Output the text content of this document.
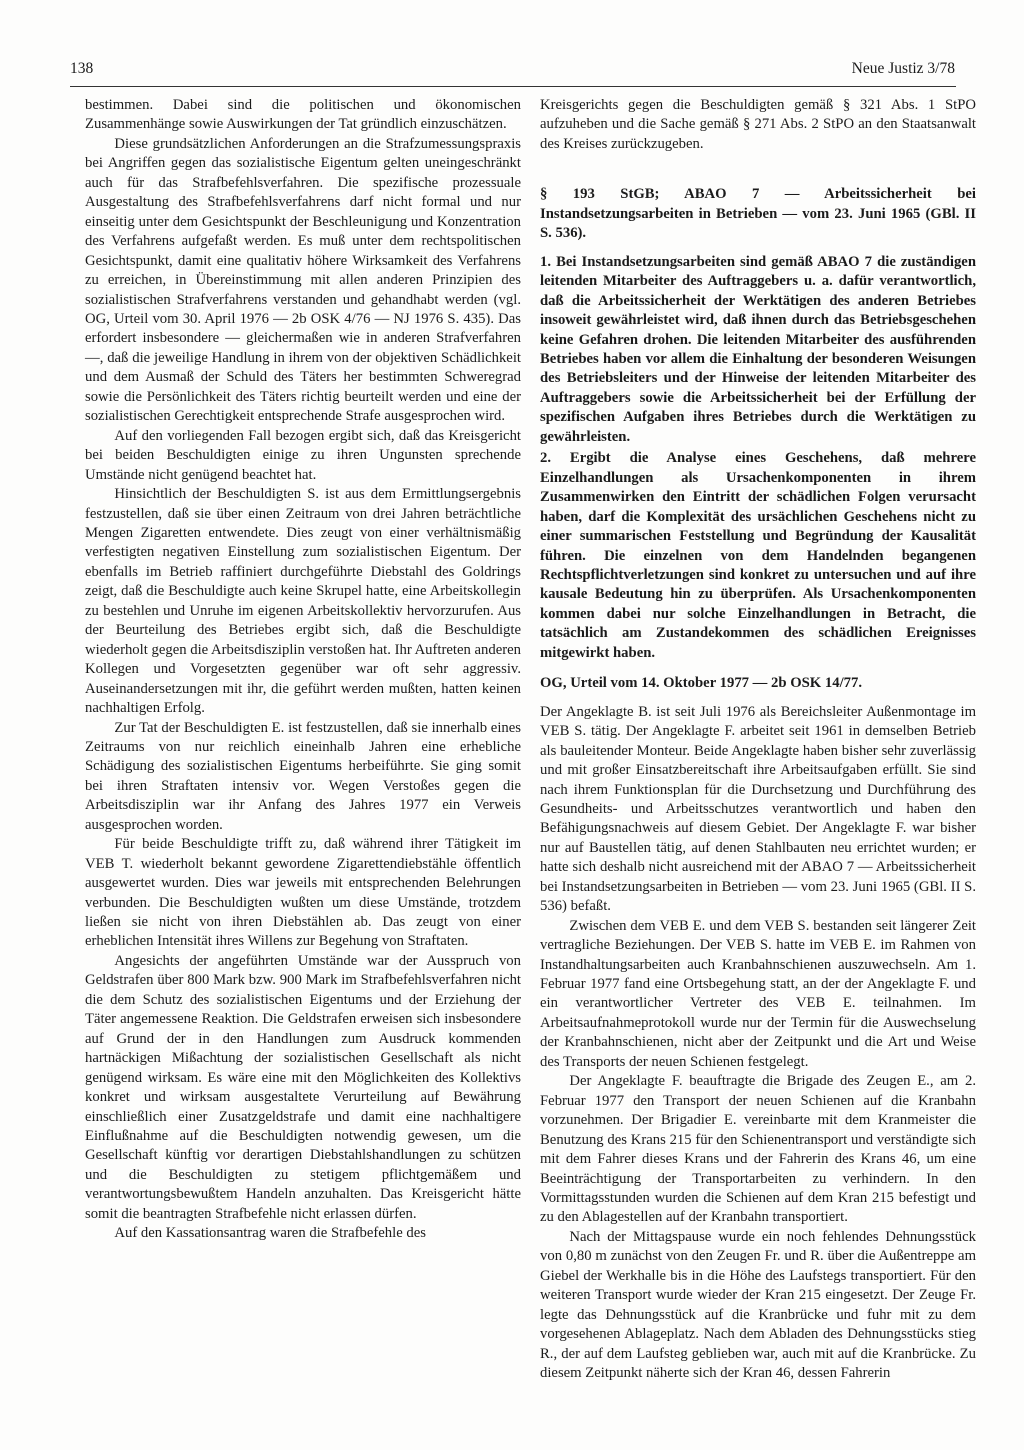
138	Neue Justiz 3/78

bestimmen. Dabei sind die politischen und ökonomischen Zusammenhänge sowie Auswirkungen der Tat gründlich einzuschätzen.

Diese grundsätzlichen Anforderungen an die Strafzumessungspraxis bei Angriffen gegen das sozialistische Eigentum gelten uneingeschränkt auch für das Strafbefehlsverfahren. Die spezifische prozessuale Ausgestaltung des Strafbefehlsverfahrens darf nicht formal und nur einseitig unter dem Gesichtspunkt der Beschleunigung und Konzentration des Verfahrens aufgefaßt werden. Es muß unter dem rechtspolitischen Gesichtspunkt, damit eine qualitativ höhere Wirksamkeit des Verfahrens zu erreichen, in Übereinstimmung mit allen anderen Prinzipien des sozialistischen Strafverfahrens verstanden und gehandhabt werden (vgl. OG, Urteil vom 30. April 1976 — 2b OSK 4/76 — NJ 1976 S. 435). Das erfordert insbesondere — gleichermaßen wie in anderen Strafverfahren —, daß die jeweilige Handlung in ihrem von der objektiven Schädlichkeit und dem Ausmaß der Schuld des Täters her bestimmten Schweregrad sowie die Persönlichkeit des Täters richtig beurteilt werden und eine der sozialistischen Gerechtigkeit entsprechende Strafe ausgesprochen wird.

Auf den vorliegenden Fall bezogen ergibt sich, daß das Kreisgericht bei beiden Beschuldigten einige zu ihren Ungunsten sprechende Umstände nicht genügend beachtet hat.

Hinsichtlich der Beschuldigten S. ist aus dem Ermittlungsergebnis festzustellen, daß sie über einen Zeitraum von drei Jahren beträchtliche Mengen Zigaretten entwendete. Dies zeugt von einer verhältnismäßig verfestigten negativen Einstellung zum sozialistischen Eigentum. Der ebenfalls im Betrieb raffiniert durchgeführte Diebstahl des Goldrings zeigt, daß die Beschuldigte auch keine Skrupel hatte, eine Arbeitskollegin zu bestehlen und Unruhe im eigenen Arbeitskollektiv hervorzurufen. Aus der Beurteilung des Betriebes ergibt sich, daß die Beschuldigte wiederholt gegen die Arbeitsdisziplin verstoßen hat. Ihr Auftreten anderen Kollegen und Vorgesetzten gegenüber war oft sehr aggressiv. Auseinandersetzungen mit ihr, die geführt werden mußten, hatten keinen nachhaltigen Erfolg.

Zur Tat der Beschuldigten E. ist festzustellen, daß sie innerhalb eines Zeitraums von nur reichlich eineinhalb Jahren eine erhebliche Schädigung des sozialistischen Eigentums herbeiführte. Sie ging somit bei ihren Straftaten intensiv vor. Wegen Verstoßes gegen die Arbeitsdisziplin war ihr Anfang des Jahres 1977 ein Verweis ausgesprochen worden.

Für beide Beschuldigte trifft zu, daß während ihrer Tätigkeit im VEB T. wiederholt bekannt gewordene Zigarettendiebstähle öffentlich ausgewertet wurden. Dies war jeweils mit entsprechenden Belehrungen verbunden. Die Beschuldigten wußten um diese Umstände, trotzdem ließen sie nicht von ihren Diebstählen ab. Das zeugt von einer erheblichen Intensität ihres Willens zur Begehung von Straftaten.

Angesichts der angeführten Umstände war der Ausspruch von Geldstrafen über 800 Mark bzw. 900 Mark im Strafbefehlsverfahren nicht die dem Schutz des sozialistischen Eigentums und der Erziehung der Täter angemessene Reaktion. Die Geldstrafen erweisen sich insbesondere auf Grund der in den Handlungen zum Ausdruck kommenden hartnäckigen Mißachtung der sozialistischen Gesellschaft als nicht genügend wirksam. Es wäre eine mit den Möglichkeiten des Kollektivs konkret und wirksam ausgestaltete Verurteilung auf Bewährung einschließlich einer Zusatzgeldstrafe und damit eine nachhaltigere Einflußnahme auf die Beschuldigten notwendig gewesen, um die Gesellschaft künftig vor derartigen Diebstahlshandlungen zu schützen und die Beschuldigten zu stetigem pflichtgemäßem und verantwortungsbewußtem Handeln anzuhalten. Das Kreisgericht hätte somit die beantragten Strafbefehle nicht erlassen dürfen.

Auf den Kassationsantrag waren die Strafbefehle des

Kreisgerichts gegen die Beschuldigten gemäß § 321 Abs. 1 StPO aufzuheben und die Sache gemäß § 271 Abs. 2 StPO an den Staatsanwalt des Kreises zurückzugeben.

§ 193 StGB; ABAO 7 — Arbeitssicherheit bei Instandsetzungsarbeiten in Betrieben — vom 23. Juni 1965 (GBl. II S. 536).

1. Bei Instandsetzungsarbeiten sind gemäß ABAO 7 die zuständigen leitenden Mitarbeiter des Auftraggebers u. a. dafür verantwortlich, daß die Arbeitssicherheit der Werktätigen des anderen Betriebes insoweit gewährleistet wird, daß ihnen durch das Betriebsgeschehen keine Gefahren drohen. Die leitenden Mitarbeiter des ausführenden Betriebes haben vor allem die Einhaltung der besonderen Weisungen des Betriebsleiters und der Hinweise der leitenden Mitarbeiter des Auftraggebers sowie die Arbeitssicherheit bei der Erfüllung der spezifischen Aufgaben ihres Betriebes durch die Werktätigen zu gewährleisten.

2. Ergibt die Analyse eines Geschehens, daß mehrere Einzelhandlungen als Ursachenkomponenten in ihrem Zusammenwirken den Eintritt der schädlichen Folgen verursacht haben, darf die Komplexität des ursächlichen Geschehens nicht zu einer summarischen Feststellung und Begründung der Kausalität führen. Die einzelnen von dem Handelnden begangenen Rechtspflichtverletzungen sind konkret zu untersuchen und auf ihre kausale Bedeutung hin zu überprüfen. Als Ursachenkomponenten kommen dabei nur solche Einzelhandlungen in Betracht, die tatsächlich am Zustandekommen des schädlichen Ereignisses mitgewirkt haben.

OG, Urteil vom 14. Oktober 1977 — 2b OSK 14/77.

Der Angeklagte B. ist seit Juli 1976 als Bereichsleiter Außenmontage im VEB S. tätig. Der Angeklagte F. arbeitet seit 1961 in demselben Betrieb als bauleitender Monteur. Beide Angeklagte haben bisher sehr zuverlässig und mit großer Einsatzbereitschaft ihre Arbeitsaufgaben erfüllt. Sie sind nach ihrem Funktionsplan für die Durchsetzung und Durchführung des Gesundheits- und Arbeitsschutzes verantwortlich und haben den Befähigungsnachweis auf diesem Gebiet. Der Angeklagte F. war bisher nur auf Baustellen tätig, auf denen Stahlbauten neu errichtet wurden; er hatte sich deshalb nicht ausreichend mit der ABAO 7 — Arbeitssicherheit bei Instandsetzungsarbeiten in Betrieben — vom 23. Juni 1965 (GBl. II S. 536) befaßt.

Zwischen dem VEB E. und dem VEB S. bestanden seit längerer Zeit vertragliche Beziehungen. Der VEB S. hatte im VEB E. im Rahmen von Instandhaltungsarbeiten auch Kranbahnschienen auszuwechseln. Am 1. Februar 1977 fand eine Ortsbegehung statt, an der der Angeklagte F. und ein verantwortlicher Vertreter des VEB E. teilnahmen. Im Arbeitsaufnahmeprotokoll wurde nur der Termin für die Auswechselung der Kranbahnschienen, nicht aber der Zeitpunkt und die Art und Weise des Transports der neuen Schienen festgelegt.

Der Angeklagte F. beauftragte die Brigade des Zeugen E., am 2. Februar 1977 den Transport der neuen Schienen auf die Kranbahn vorzunehmen. Der Brigadier E. vereinbarte mit dem Kranmeister die Benutzung des Krans 215 für den Schienentransport und verständigte sich mit dem Fahrer dieses Krans und der Fahrerin des Krans 46, um eine Beeinträchtigung der Transportarbeiten zu verhindern. In den Vormittagsstunden wurden die Schienen auf dem Kran 215 befestigt und zu den Ablagestellen auf der Kranbahn transportiert.

Nach der Mittagspause wurde ein noch fehlendes Dehnungsstück von 0,80 m zunächst von den Zeugen Fr. und R. über die Außentreppe am Giebel der Werkhalle bis in die Höhe des Laufstegs transportiert. Für den weiteren Transport wurde wieder der Kran 215 eingesetzt. Der Zeuge Fr. legte das Dehnungsstück auf die Kranbrücke und fuhr mit zu dem vorgesehenen Ablageplatz. Nach dem Abladen des Dehnungsstücks stieg R., der auf dem Laufsteg geblieben war, auch mit auf die Kranbrücke. Zu diesem Zeitpunkt näherte sich der Kran 46, dessen Fahrerin
